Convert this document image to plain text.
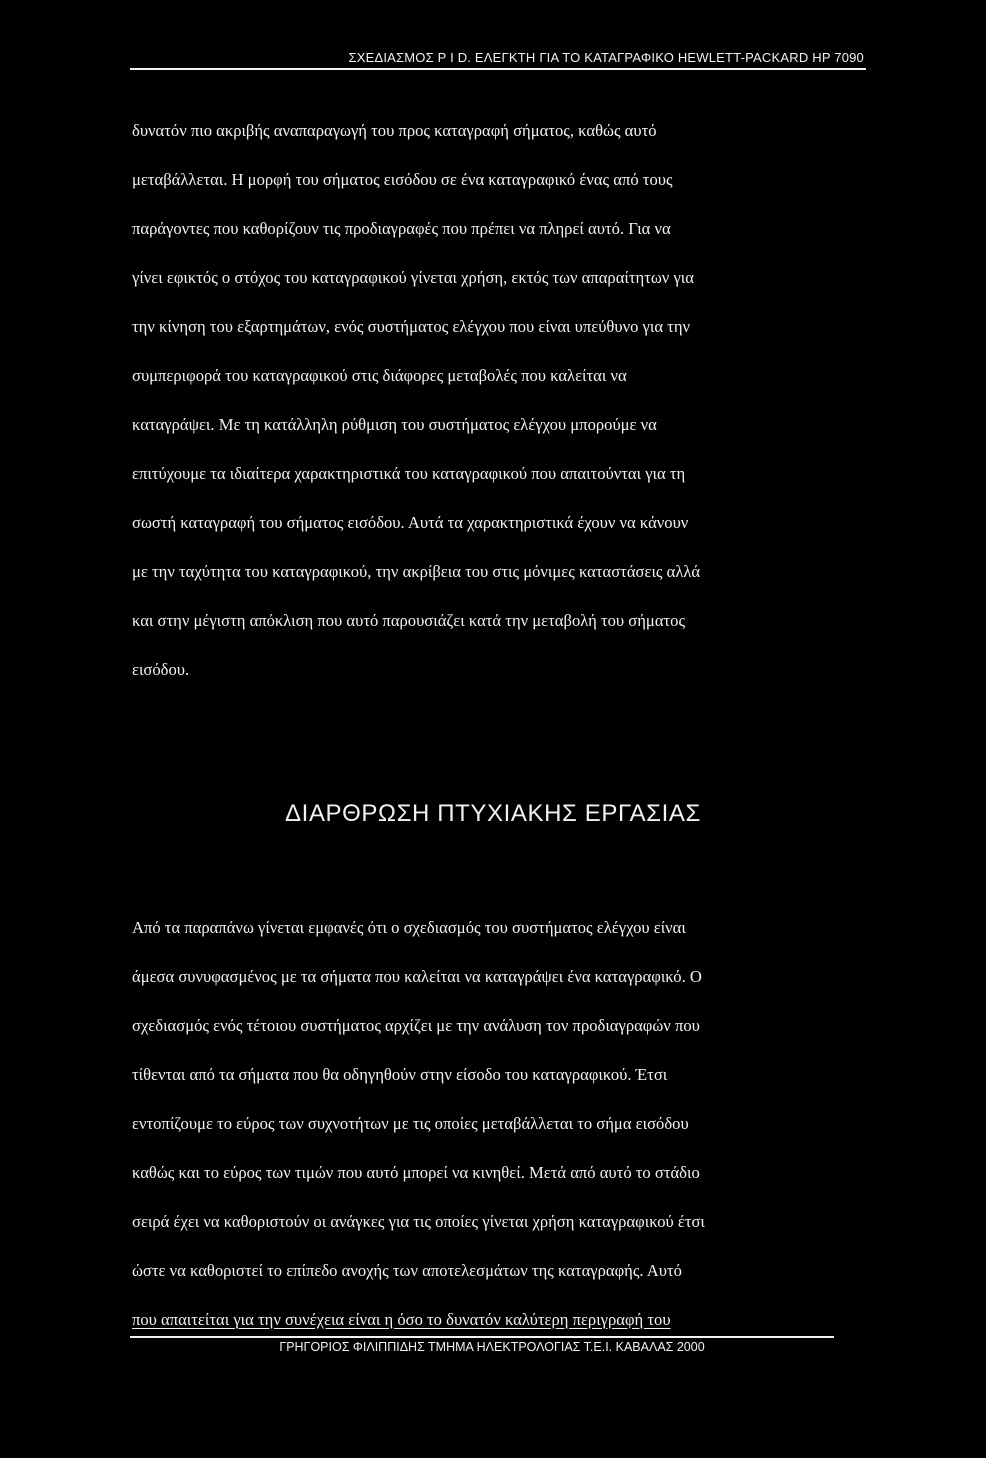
ΣΧΕΔΙΑΣΜΟΣ Ρ Ι D. ΕΛΕΓΚΤΗ ΓΙΑ ΤΟ ΚΑΤΑΓΡΑΦΙΚΟ HEWLETT-PACKARD HP 7090
δυνατόν πιο ακριβής αναπαραγωγή του προς καταγραφή σήματος, καθώς αυτό
μεταβάλλεται. Η μορφή του σήματος εισόδου σε ένα καταγραφικό ένας από τους
παράγοντες που καθορίζουν τις προδιαγραφές που πρέπει να πληρεί αυτό. Για να
γίνει εφικτός ο στόχος του καταγραφικού γίνεται χρήση, εκτός των απαραίτητων για
την κίνηση του εξαρτημάτων, ενός συστήματος ελέγχου που είναι υπεύθυνο για την
συμπεριφορά του καταγραφικού στις διάφορες μεταβολές που καλείται να
καταγράψει. Με τη κατάλληλη ρύθμιση του συστήματος ελέγχου μπορούμε να
επιτύχουμε τα ιδιαίτερα χαρακτηριστικά του καταγραφικού που απαιτούνται για τη
σωστή καταγραφή του σήματος εισόδου. Αυτά τα χαρακτηριστικά έχουν να κάνουν
με την ταχύτητα του καταγραφικού, την ακρίβεια του στις μόνιμες καταστάσεις αλλά
και στην μέγιστη απόκλιση που αυτό παρουσιάζει κατά την μεταβολή του σήματος
εισόδου.
ΔΙΑΡΘΡΩΣΗ ΠΤΥΧΙΑΚΗΣ ΕΡΓΑΣΙΑΣ
Από τα παραπάνω γίνεται εμφανές ότι ο σχεδιασμός του συστήματος ελέγχου είναι
άμεσα συνυφασμένος με τα σήματα που καλείται να καταγράψει ένα καταγραφικό. Ο
σχεδιασμός ενός τέτοιου συστήματος αρχίζει με την ανάλυση τον προδιαγραφών που
τίθενται από τα σήματα που θα οδηγηθούν στην είσοδο του καταγραφικού. Έτσι
εντοπίζουμε το εύρος των συχνοτήτων με τις οποίες μεταβάλλεται το σήμα εισόδου
καθώς και το εύρος των τιμών που αυτό μπορεί να κινηθεί. Μετά από αυτό το στάδιο
σειρά έχει να καθοριστούν οι ανάγκες για τις οποίες γίνεται χρήση καταγραφικού έτσι
ώστε να καθοριστεί το επίπεδο ανοχής των αποτελεσμάτων της καταγραφής. Αυτό
που απαιτείται για την συνέχεια είναι η όσο το δυνατόν καλύτερη περιγραφή του
ΓΡΗΓΟΡΙΟΣ ΦΙΛΙΠΠΙΔΗΣ ΤΜΗΜΑ ΗΛΕΚΤΡΟΛΟΓΙΑΣ Τ.Ε.Ι. ΚΑΒΑΛΑΣ 2000
